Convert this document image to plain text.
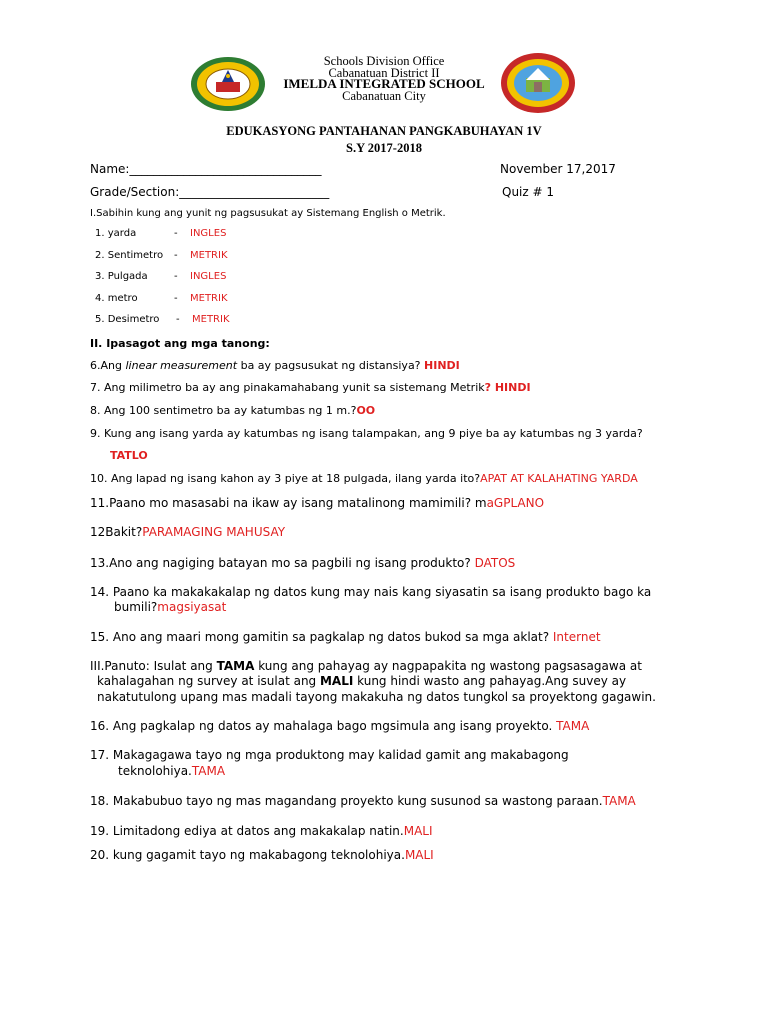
Schools Division Office
Cabanatuan District II
IMELDA INTEGRATED SCHOOL
Cabanatuan City
EDUKASYONG PANTAHANAN PANGKABUHAYAN 1V
S.Y 2017-2018
Name:________________________________	November 17,2017
Grade/Section:_________________________	Quiz # 1
I.Sabihin kung ang yunit ng pagsusukat ay Sistemang English o Metrik.
1. yarda	- INGLES
2. Sentimetro - METRIK
3. Pulgada	- INGLES
4. metro	- METRIK
5. Desimetro - METRIK
II. Ipasagot ang mga tanong:
6.Ang linear measurement ba ay pagsusukat ng distansiya? HINDI
7. Ang milimetro ba ay ang pinakamahabang yunit sa sistemang Metrik? HINDI
8. Ang 100 sentimetro ba ay katumbas ng 1 m.?OO
9. Kung ang isang yarda ay katumbas ng isang talampakan, ang 9 piye ba ay katumbas ng 3 yarda?
TATLO
10. Ang lapad ng isang kahon ay 3 piye at 18 pulgada, ilang yarda ito?APAT AT KALAHATING YARDA
11.Paano mo masasabi na ikaw ay isang matalinong mamimili? maGPLANO
12Bakit?PARAMAGING MAHUSAY
13.Ano ang nagiging batayan mo sa pagbili ng isang produkto? DATOS
14. Paano ka makakakalap ng datos kung may nais kang siyasatin sa isang produkto bago ka
bumili?magsiyasat
15. Ano ang maari mong gamitin sa pagkalap ng datos bukod sa mga aklat? Internet
III.Panuto: Isulat ang TAMA kung ang pahayag ay nagpapakita ng wastong pagsasagawa at
kahalagahan ng survey at isulat ang MALI kung hindi wasto ang pahayag.Ang suvey ay
nakatutulong upang mas madali tayong makakuha ng datos tungkol sa proyektong gagawin.
16. Ang pagkalap ng datos ay mahalaga bago mgsimula ang isang proyekto. TAMA
17. Makagagawa tayo ng mga produktong may kalidad gamit ang makabagong
teknolohiya.TAMA
18. Makabubuo tayo ng mas magandang proyekto kung susunod sa wastong paraan.TAMA
19. Limitadong ediya at datos ang makakalap natin.MALI
20. kung gagamit tayo ng makabagong teknolohiya.MALI
